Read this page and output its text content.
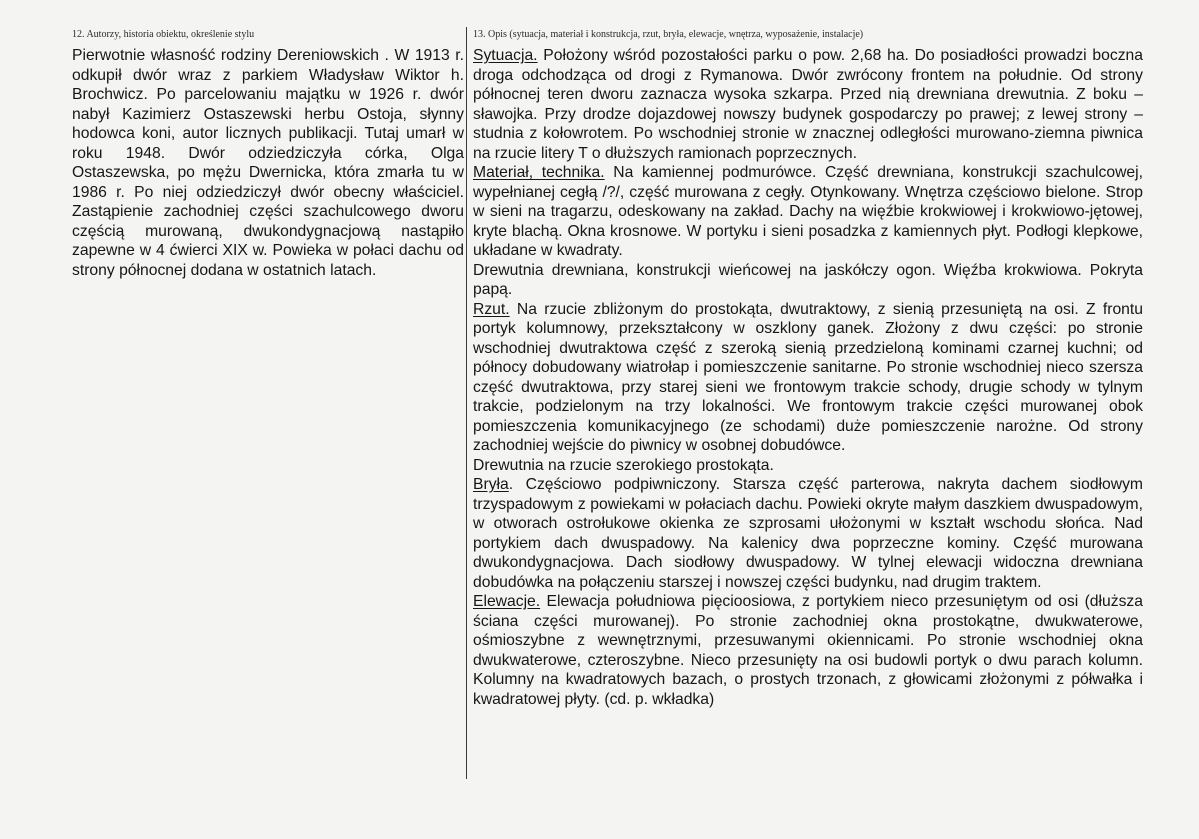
12. Autorzy, historia obiektu, określenie stylu

Pierwotnie własność rodziny Dereniowskich . W 1913 r. odkupił dwór wraz z parkiem Władysław Wiktor h. Brochwicz. Po parcelowaniu majątku w 1926 r. dwór nabył Kazimierz Ostaszewski herbu Ostoja, słynny hodowca koni, autor licznych publikacji. Tutaj umarł w roku 1948. Dwór odziedziczyła córka, Olga Ostaszewska, po mężu Dwernicka, która zmarła tu w 1986 r. Po niej odziedziczył dwór obecny właściciel. Zastąpienie zachodniej części szachulcowego dworu częścią murowaną, dwukondygnacjową nastąpiło zapewne w 4 ćwierci XIX w. Powieka w połaci dachu od strony północnej dodana w ostatnich latach.

13. Opis (sytuacja, materiał i konstrukcja, rzut, bryła, elewacje, wnętrza, wyposażenie, instalacje)

Sytuacja. Położony wśród pozostałości parku o pow. 2,68 ha. Do posiadłości prowadzi boczna droga odchodząca od drogi z Rymanowa. Dwór zwrócony frontem na południe. Od strony północnej teren dworu zaznacza wysoka szkarpa. Przed nią drewniana drewutnia. Z boku – sławojka. Przy drodze dojazdowej nowszy budynek gospodarczy po prawej; z lewej strony – studnia z kołowrotem. Po wschodniej stronie w znacznej odległości murowano-ziemna piwnica na rzucie litery T o dłuższych ramionach poprzecznych.

Materiał, technika. Na kamiennej podmurówce. Część drewniana, konstrukcji szachulcowej, wypełnianej cegłą /?/, część murowana z cegły. Otynkowany. Wnętrza częściowo bielone. Strop w sieni na tragarzu, odeskowany na zakład. Dachy na więźbie krokwiowej i krokwiowo-jętowej, kryte blachą. Okna krosnowe. W portyku i sieni posadzka z kamiennych płyt. Podłogi klepkowe, układane w kwadraty.

Drewutnia drewniana, konstrukcji wieńcowej na jaskółczy ogon. Więźba krokwiowa. Pokryta papą.

Rzut. Na rzucie zbliżonym do prostokąta, dwutraktowy, z sienią przesuniętą na osi. Z frontu portyk kolumnowy, przekształcony w oszklony ganek. Złożony z dwu części: po stronie wschodniej dwutraktowa część z szeroką sienią przedzieloną kominami czarnej kuchni; od północy dobudowany wiatrołap i pomieszczenie sanitarne. Po stronie wschodniej nieco szersza część dwutraktowa, przy starej sieni we frontowym trakcie schody, drugie schody w tylnym trakcie, podzielonym na trzy lokalności. We frontowym trakcie części murowanej obok pomieszczenia komunikacyjnego (ze schodami) duże pomieszczenie narożne. Od strony zachodniej wejście do piwnicy w osobnej dobudówce.

Drewutnia na rzucie szerokiego prostokąta.

Bryła. Częściowo podpiwniczony. Starsza część parterowa, nakryta dachem siodłowym trzyspadowym z powiekami w połaciach dachu. Powieki okryte małym daszkiem dwuspadowym, w otworach ostrołukowe okienka ze szprosami ułożonymi w kształt wschodu słońca. Nad portykiem dach dwuspadowy. Na kalenicy dwa poprzeczne kominy. Część murowana dwukondygnacjowa. Dach siodłowy dwuspadowy. W tylnej elewacji widoczna drewniana dobudówka na połączeniu starszej i nowszej części budynku, nad drugim traktem.

Elewacje. Elewacja południowa pięcioosiowa, z portykiem nieco przesuniętym od osi (dłuższa ściana części murowanej). Po stronie zachodniej okna prostokątne, dwukwaterowe, ośmioszybne z wewnętrznymi, przesuwanymi okiennicami. Po stronie wschodniej okna dwukwaterowe, czteroszybne. Nieco przesunięty na osi budowli portyk o dwu parach kolumn. Kolumny na kwadratowych bazach, o prostych trzonach, z głowicami złożonymi z półwałka i kwadratowej płyty. (cd. p. wkładka)
